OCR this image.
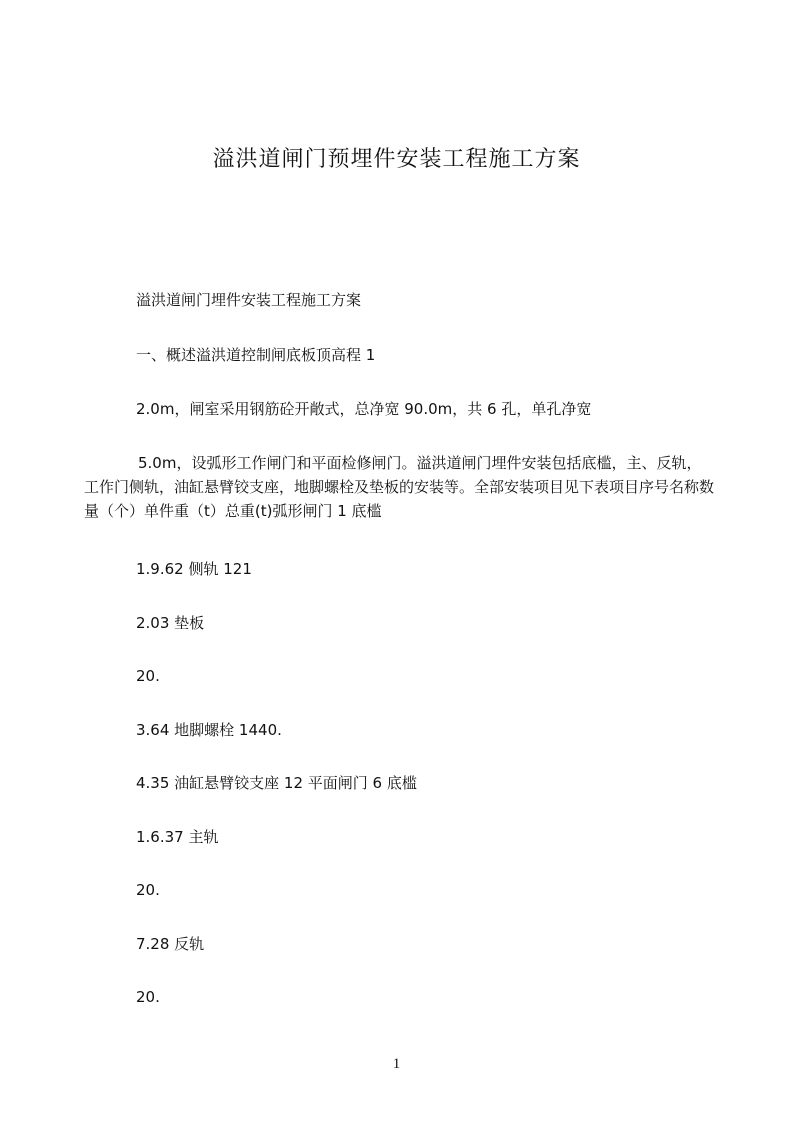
溢洪道闸门预埋件安装工程施工方案

溢洪道闸门埋件安装工程施工方案

一、概述溢洪道控制闸底板顶高程 1

2.0m，闸室采用钢筋砼开敞式，总净宽 90.0m，共 6 孔，单孔净宽

5.0m，设弧形工作闸门和平面检修闸门。溢洪道闸门埋件安装包括底槛，主、反轨，工作门侧轨，油缸悬臂铰支座，地脚螺栓及垫板的安装等。全部安装项目见下表项目序号名称数量（个）单件重（t）总重(t)弧形闸门 1 底槛

1.9.62 侧轨 121

2.03 垫板

20.

3.64 地脚螺栓 1440.

4.35 油缸悬臂铰支座 12 平面闸门 6 底槛

1.6.37 主轨

20.

7.28 反轨

20.

1
